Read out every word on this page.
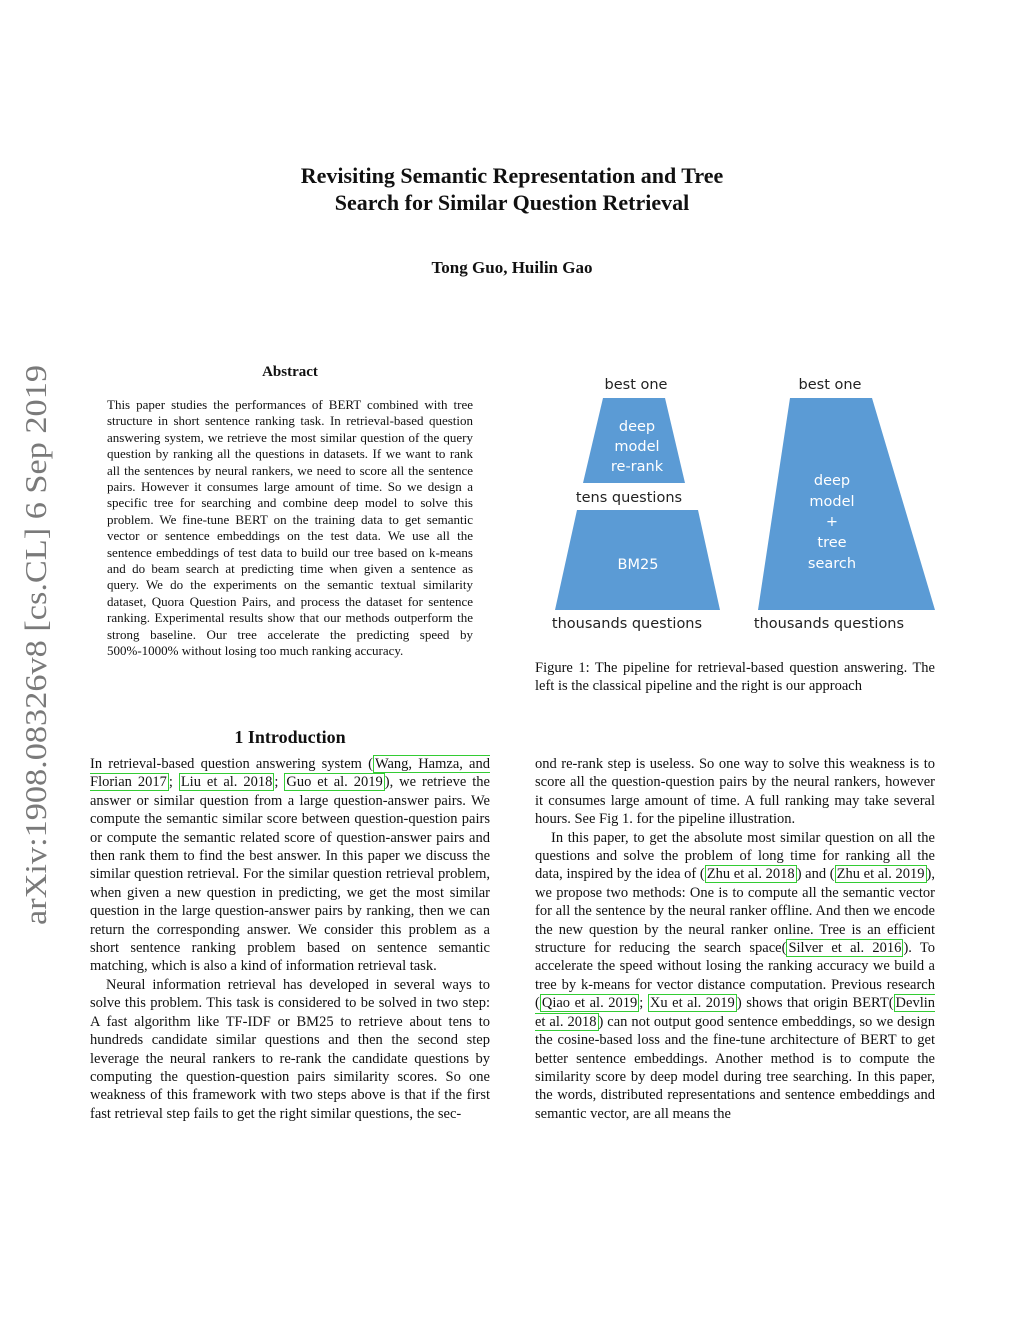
arXiv:1908.08326v8 [cs.CL] 6 Sep 2019
Revisiting Semantic Representation and Tree
Search for Similar Question Retrieval
Tong Guo, Huilin Gao
Abstract
This paper studies the performances of BERT combined with tree structure in short sentence ranking task. In retrieval-based question answering system, we retrieve the most similar question of the query question by ranking all the questions in datasets. If we want to rank all the sentences by neural rankers, we need to score all the sentence pairs. However it consumes large amount of time. So we design a specific tree for searching and combine deep model to solve this problem. We fine-tune BERT on the training data to get semantic vector or sentence embeddings on the test data. We use all the sentence embeddings of test data to build our tree based on k-means and do beam search at predicting time when given a sentence as query. We do the experiments on the semantic textual similarity dataset, Quora Question Pairs, and process the dataset for sentence ranking. Experimental results show that our methods outperform the strong baseline. Our tree accelerate the predicting speed by 500%-1000% without losing too much ranking accuracy.
1 Introduction

In retrieval-based question answering system ( Wang, Hamza, and Florian 2017 ; Liu et al. 2018 ; Guo et al. 2019 ), we retrieve the answer or similar question from a large question-answer pairs. We compute the semantic similar score between question-question pairs or compute the semantic related score of question-answer pairs and then rank them to find the best answer. In this paper we discuss the similar question retrieval. For the similar question retrieval problem, when given a new question in predicting, we get the most similar question in the large question-answer pairs by ranking, then we can return the corresponding answer. We consider this problem as a short sentence ranking problem based on sentence semantic matching, which is also a kind of information retrieval task.

Neural information retrieval has developed in several ways to solve this problem. This task is considered to be solved in two step: A fast algorithm like TF-IDF or BM25 to retrieve about tens to hundreds candidate similar questions and then the second step leverage the neural rankers to re-rank the candidate questions by computing the question-question pairs similarity scores. So one weakness of this framework with two steps above is that if the first fast retrieval step fails to get the right similar questions, the sec-

ond re-rank step is useless. So one way to solve this weakness is to score all the question-question pairs by the neural rankers, however it consumes large amount of time. A full ranking may take several hours. See Fig 1. for the pipeline illustration.

In this paper, to get the absolute most similar question on all the questions and solve the problem of long time for ranking all the data, inspired by the idea of ( Zhu et al. 2018 ) and ( Zhu et al. 2019 ), we propose two methods: One is to compute all the semantic vector for all the sentence by the neural ranker offline. And then we encode the new question by the neural ranker online. Tree is an efficient structure for reducing the search space( Silver et al. 2016 ). To accelerate the speed without losing the ranking accuracy we build a tree by k-means for vector distance computation. Previous research ( Qiao et al. 2019 ; Xu et al. 2019 ) shows that origin BERT( Devlin et al. 2018 ) can not output good sentence embeddings, so we design the cosine-based loss and the fine-tune architecture of BERT to get better sentence embeddings. Another method is to compute the similarity score by deep model during tree searching. In this paper, the words, distributed representations and sentence embeddings and semantic vector, are all means the

best one
deep
model
re-rank
tens questions
BM25
thousands questions
best one
deep
model
+
tree
search
thousands questions
Figure 1: The pipeline for retrieval-based question answering. The left is the classical pipeline and the right is our approach
